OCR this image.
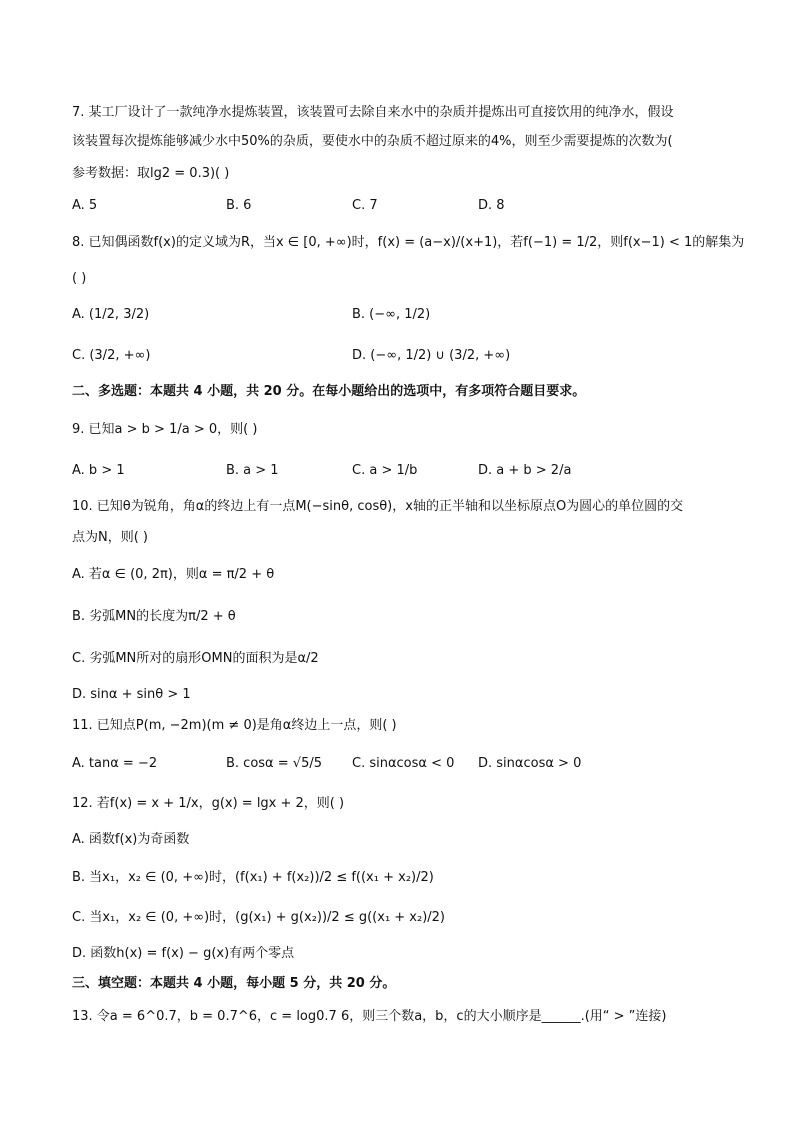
7. 某工厂设计了一款纯净水提炼装置，该装置可去除自来水中的杂质并提炼出可直接饮用的纯净水，假设
该装置每次提炼能够减少水中50%的杂质，要使水中的杂质不超过原来的4%，则至少需要提炼的次数为(
参考数据：取lg2 = 0.3)( )
A. 5	B. 6	C. 7	D. 8
8. 已知偶函数f(x)的定义域为R，当x ∈ [0, +∞)时，f(x) = (a−x)/(x+1)，若f(−1) = 1/2，则f(x−1) < 1的解集为
( )
A. (1/2, 3/2)	B. (−∞, 1/2)
C. (3/2, +∞)	D. (−∞, 1/2) ∪ (3/2, +∞)
二、多选题：本题共 4 小题，共 20 分。在每小题给出的选项中，有多项符合题目要求。
9. 已知a > b > 1/a > 0，则( )
A. b > 1	B. a > 1	C. a > 1/b	D. a + b > 2/a
10. 已知θ为锐角，角α的终边上有一点M(−sinθ, cosθ)，x轴的正半轴和以坐标原点O为圆心的单位圆的交
点为N，则( )
A. 若α ∈ (0, 2π)，则α = π/2 + θ
B. 劣弧MN的长度为π/2 + θ
C. 劣弧MN所对的扇形OMN的面积为是α/2
D. sinα + sinθ > 1
11. 已知点P(m, −2m)(m ≠ 0)是角α终边上一点，则( )
A. tanα = −2	B. cosα = √5/5 C. sinαcosα < 0 D. sinαcosα > 0
12. 若f(x) = x + 1/x，g(x) = lgx + 2，则( )
A. 函数f(x)为奇函数
B. 当x₁，x₂ ∈ (0, +∞)时，(f(x₁) + f(x₂))/2 ≤ f((x₁ + x₂)/2)
C. 当x₁，x₂ ∈ (0, +∞)时，(g(x₁) + g(x₂))/2 ≤ g((x₁ + x₂)/2)
D. 函数h(x) = f(x) − g(x)有两个零点
三、填空题：本题共 4 小题，每小题 5 分，共 20 分。
13. 令a = 6^0.7，b = 0.7^6，c = log0.7 6，则三个数a，b，c的大小顺序是______.(用“ > ”连接)
